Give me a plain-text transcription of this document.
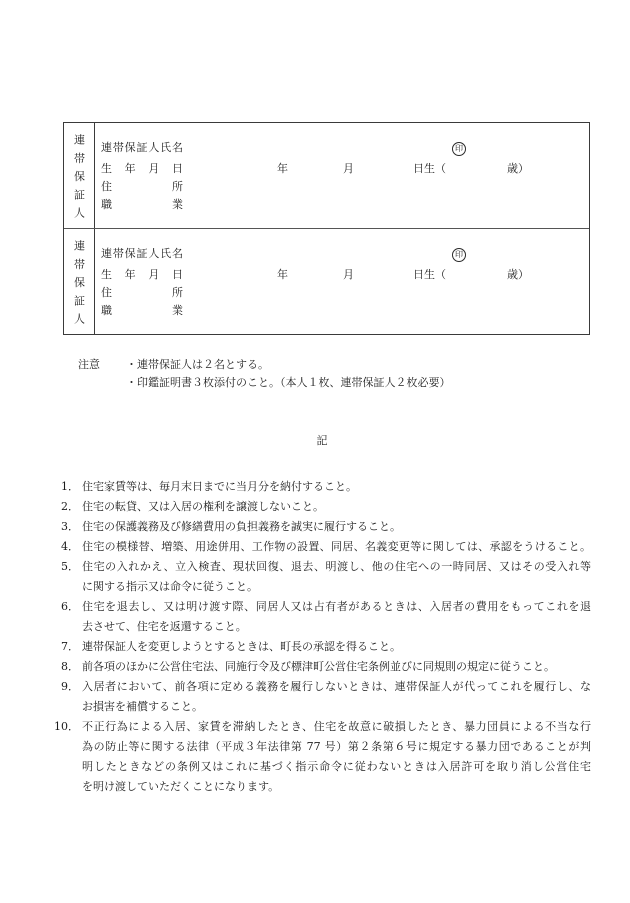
連帯保証人 連 帯 保 証 人 氏 名	印
生 年 月 日	年	月	日生（	歳）
住	所
職	業
連帯保証人 連 帯 保 証 人 氏 名	印
生 年 月 日	年	月	日生（	歳）
住	所
職	業
注意 ・連帯保証人は２名とする。
・印鑑証明書３枚添付のこと。（本人１枚、連帯保証人２枚必要）
記
1． 住宅家賃等は、毎月末日までに当月分を納付すること。
2． 住宅の転貸、又は入居の権利を譲渡しないこと。
3． 住宅の保護義務及び修繕費用の負担義務を誠実に履行すること。
4． 住宅の模様替、増築、用途併用、工作物の設置、同居、名義変更等に関しては、承認をうけること。
5． 住宅の入れかえ、立入検査、現状回復、退去、明渡し、他の住宅への一時同居、又はその受入れ等
に関する指示又は命令に従うこと。
6． 住宅を退去し、又は明け渡す際、同居人又は占有者があるときは、入居者の費用をもってこれを退
去させて、住宅を返還すること。
7． 連帯保証人を変更しようとするときは、町長の承認を得ること。
8． 前各項のほかに公営住宅法、同施行令及び標津町公営住宅条例並びに同規則の規定に従うこと。
9． 入居者において、前各項に定める義務を履行しないときは、連帯保証人が代ってこれを履行し、な
お損害を補償すること。
10． 不正行為による入居、家賃を滞納したとき、住宅を故意に破損したとき、暴力団員による不当な行
為の防止等に関する法律（平成３年法律第 77 号）第２条第６号に規定する暴力団であることが判
明したときなどの条例又はこれに基づく指示命令に従わないときは入居許可を取り消し公営住宅
を明け渡していただくことになります。
